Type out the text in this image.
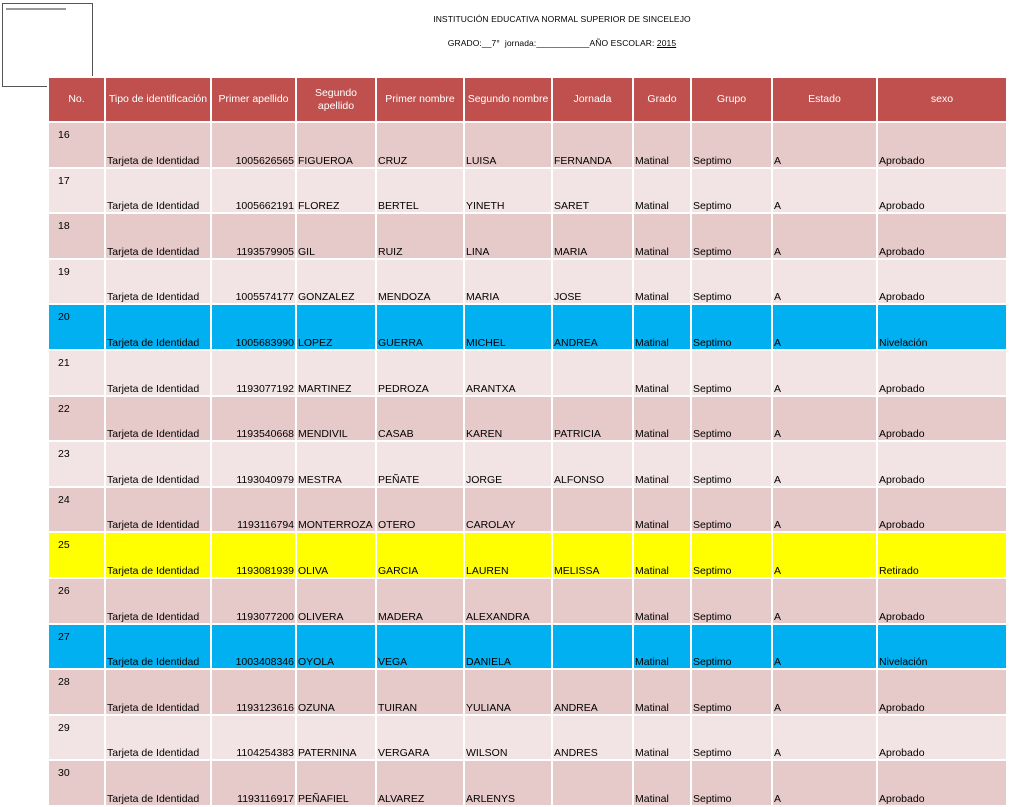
INSTITUCIÓN EDUCATIVA NORMAL SUPERIOR DE SINCELEJO
GRADO:__7° jornada:___________AÑO ESCOLAR: 2015
No.	Tipo de identificación	Primer apellido	Segundo apellido	Primer nombre	Segundo nombre	Jornada	Grado	Grupo	Estado	sexo
16	Tarjeta de Identidad	1005626565	FIGUEROA	CRUZ	LUISA	FERNANDA	Matinal	Septimo	A	Aprobado
17	Tarjeta de Identidad	1005662191	FLOREZ	BERTEL	YINETH	SARET	Matinal	Septimo	A	Aprobado
18	Tarjeta de Identidad	1193579905	GIL	RUIZ	LINA	MARIA	Matinal	Septimo	A	Aprobado
19	Tarjeta de Identidad	1005574177	GONZALEZ	MENDOZA	MARIA	JOSE	Matinal	Septimo	A	Aprobado
20	Tarjeta de Identidad	1005683990	LOPEZ	GUERRA	MICHEL	ANDREA	Matinal	Septimo	A	Nivelación
21	Tarjeta de Identidad	1193077192	MARTINEZ	PEDROZA	ARANTXA		Matinal	Septimo	A	Aprobado
22	Tarjeta de Identidad	1193540668	MENDIVIL	CASAB	KAREN	PATRICIA	Matinal	Septimo	A	Aprobado
23	Tarjeta de Identidad	1193040979	MESTRA	PEÑATE	JORGE	ALFONSO	Matinal	Septimo	A	Aprobado
24	Tarjeta de Identidad	1193116794	MONTERROZA	OTERO	CAROLAY		Matinal	Septimo	A	Aprobado
25	Tarjeta de Identidad	1193081939	OLIVA	GARCIA	LAUREN	MELISSA	Matinal	Septimo	A	Retirado
26	Tarjeta de Identidad	1193077200	OLIVERA	MADERA	ALEXANDRA		Matinal	Septimo	A	Aprobado
27	Tarjeta de Identidad	1003408346	OYOLA	VEGA	DANIELA		Matinal	Septimo	A	Nivelación
28	Tarjeta de Identidad	1193123616	OZUNA	TUIRAN	YULIANA	ANDREA	Matinal	Septimo	A	Aprobado
29	Tarjeta de Identidad	1104254383	PATERNINA	VERGARA	WILSON	ANDRES	Matinal	Septimo	A	Aprobado
30	Tarjeta de Identidad	1193116917	PEÑAFIEL	ALVAREZ	ARLENYS		Matinal	Septimo	A	Aprobado
